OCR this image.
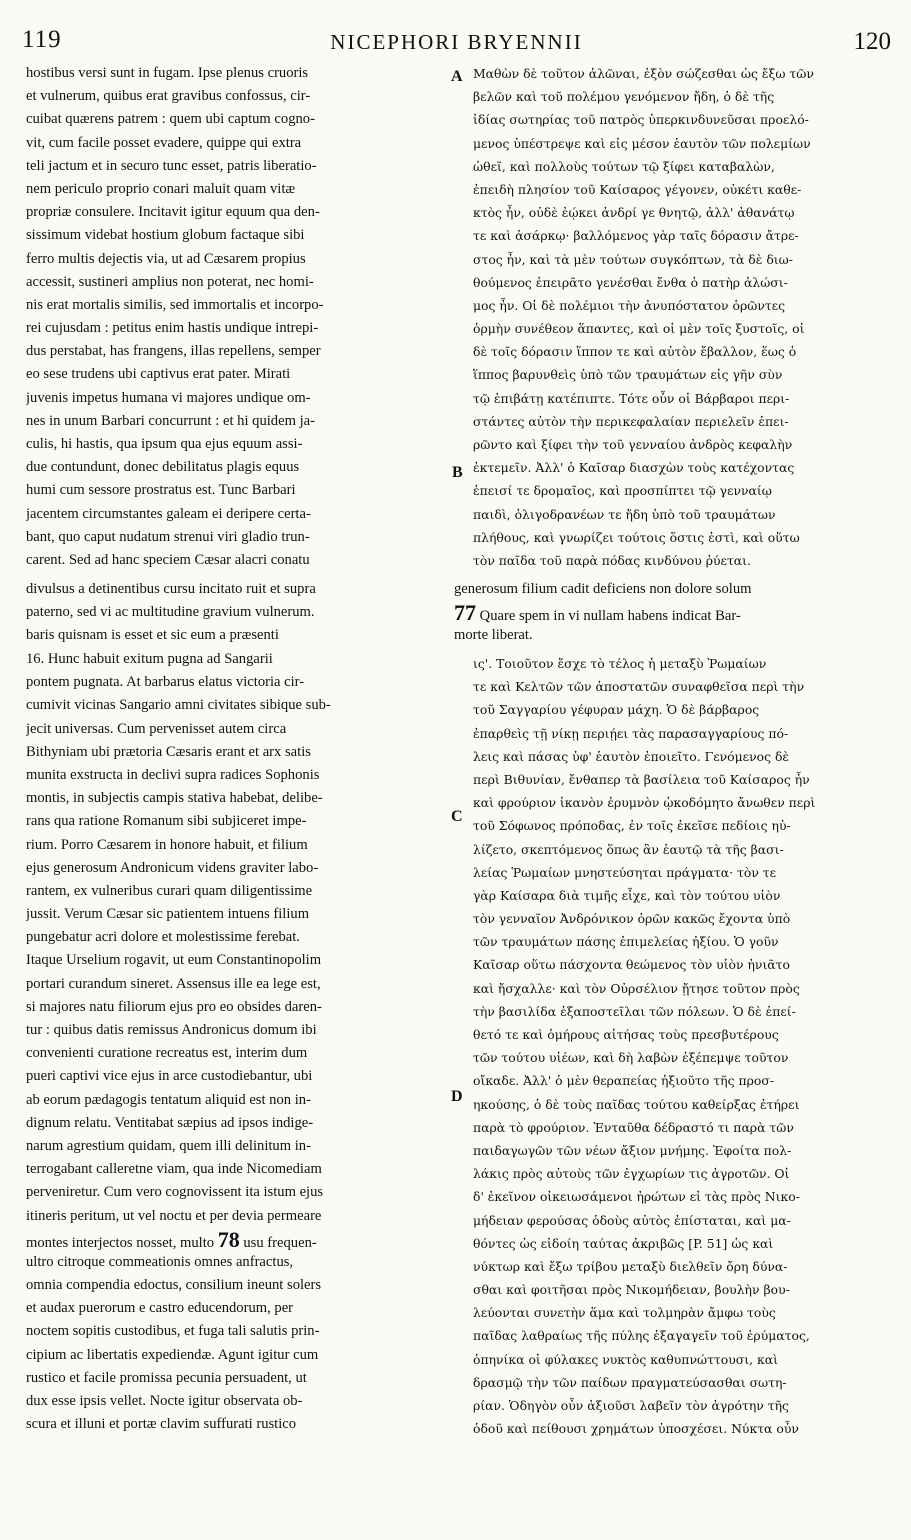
119	NICEPHORI BRYENNII	120
A
B
C
D
hostibus versi sunt in fugam. Ipse plenus cruoris
et vulnerum, quibus erat gravibus confossus, cir-
cuibat quærens patrem : quem ubi captum cogno-
vit, cum facile posset evadere, quippe qui extra
teli jactum et in securo tunc esset, patris liberatio-
nem periculo proprio conari maluit quam vitæ
propriæ consulere. Incitavit igitur equum qua den-
sissimum videbat hostium globum factaque sibi
ferro multis dejectis via, ut ad Cæsarem propius
accessit, sustineri amplius non poterat, nec homi-
nis erat mortalis similis, sed immortalis et incorpo-
rei cujusdam : petitus enim hastis undique intrepi-
dus perstabat, has frangens, illas repellens, semper
eo sese trudens ubi captivus erat pater. Mirati
juvenis impetus humana vi majores undique om-
nes in unum Barbari concurrunt : et hi quidem ja-
culis, hi hastis, qua ipsum qua ejus equum assi-
due contundunt, donec debilitatus plagis equus
humi cum sessore prostratus est. Tunc Barbari
jacentem circumstantes galeam ei deripere certa-
bant, quo caput nudatum strenui viri gladio trun-
carent. Sed ad hanc speciem Cæsar alacri conatu
Μαθὼν δὲ τοῦτον ἁλῶναι, ἐξὸν σώζεσθαι ὡς ἔξω τῶν
βελῶν καὶ τοῦ πολέμου γενόμενον ἤδη, ὁ δὲ τῆς
ἰδίας σωτηρίας τοῦ πατρὸς ὑπερκινδυνεῦσαι προελό-
μενος ὑπέστρεψε καὶ εἰς μέσον ἑαυτὸν τῶν πολεμίων
ὠθεῖ, καὶ πολλοὺς τούτων τῷ ξίφει καταβαλὼν,
ἐπειδὴ πλησίον τοῦ Καίσαρος γέγονεν, οὐκέτι καθε-
κτὸς ἦν, οὐδὲ ἐῴκει ἀνδρί γε θνητῷ, ἀλλ' ἀθανάτῳ
τε καὶ ἀσάρκῳ· βαλλόμενος γὰρ ταῖς δόρασιν ἄτρε-
στος ἦν, καὶ τὰ μὲν τούτων συγκόπτων, τὰ δὲ διω-
θούμενος ἐπειρᾶτο γενέσθαι ἔνθα ὁ πατὴρ ἀλώσι-
μος ἦν. Οἱ δὲ πολέμιοι τὴν ἀνυπόστατον ὁρῶντες
ὁρμὴν συνέθεον ἅπαντες, καὶ οἱ μὲν τοῖς ξυστοῖς, οἱ
δὲ τοῖς δόρασιν ἵππον τε καὶ αὐτὸν ἔβαλλον, ἕως ὁ
ἵππος βαρυνθεὶς ὑπὸ τῶν τραυμάτων εἰς γῆν σὺν
τῷ ἐπιβάτῃ κατέπιπτε. Τότε οὖν οἱ Βάρβαροι περι-
στάντες αὐτὸν τὴν περικεφαλαίαν περιελεῖν ἐπει-
ρῶντο καὶ ξίφει τὴν τοῦ γενναίου ἀνδρὸς κεφαλὴν
ἐκτεμεῖν. Ἀλλ' ὁ Καῖσαρ διασχὼν τοὺς κατέχοντας
ἐπεισί τε δρομαῖος, καὶ προσπίπτει τῷ γενναίῳ
παιδὶ, ὀλιγοδρανέων τε ἤδη ὑπὸ τοῦ τραυμάτων
πλήθους, καὶ γνωρίζει τούτοις ὅστις ἐστὶ, καὶ οὕτω
τὸν παῖδα τοῦ παρὰ πόδας κινδύνου ῥύεται.
divulsus a detinentibus cursu incitato ruit et supra	generosum filium cadit deficiens non dolore solum
paterno, sed vi ac multitudine gravium vulnerum.	77 Quare spem in vi nullam habens indicat Bar-
baris quisnam is esset et sic eum a præsenti	morte liberat.
16. Hunc habuit exitum pugna ad Sangarii
pontem pugnata. At barbarus elatus victoria cir-
cumivit vicinas Sangario amni civitates sibique sub-
jecit universas. Cum pervenisset autem circa
Bithyniam ubi prætoria Cæsaris erant et arx satis
munita exstructa in declivi supra radices Sophonis
montis, in subjectis campis stativa habebat, delibe-
rans qua ratione Romanum sibi subjiceret impe-
rium. Porro Cæsarem in honore habuit, et filium
ejus generosum Andronicum videns graviter labo-
rantem, ex vulneribus curari quam diligentissime
jussit. Verum Cæsar sic patientem intuens filium
pungebatur acri dolore et molestissime ferebat.
Itaque Urselium rogavit, ut eum Constantinopolim
portari curandum sineret. Assensus ille ea lege est,
si majores natu filiorum ejus pro eo obsides daren-
tur : quibus datis remissus Andronicus domum ibi
convenienti curatione recreatus est, interim dum
pueri captivi vice ejus in arce custodiebantur, ubi
ab eorum pædagogis tentatum aliquid est non in-
dignum relatu. Ventitabat sæpius ad ipsos indige-
narum agrestium quidam, quem illi delinitum in-
terrogabant calleretne viam, qua inde Nicomediam
perveniretur. Cum vero cognovissent ita istum ejus
itineris peritum, ut vel noctu et per devia permeare
montes interjectos nosset, multo 78 usu frequen-
ultro citroque commeationis omnes anfractus,
omnia compendia edoctus, consilium ineunt solers
et audax puerorum e castro educendorum, per
noctem sopitis custodibus, et fuga tali salutis prin-
cipium ac libertatis expediendæ. Agunt igitur cum
rustico et facile promissa pecunia persuadent, ut
dux esse ipsis vellet. Nocte igitur observata ob-
scura et illuni et portæ clavim suffurati rustico
ις'. Τοιοῦτον ἔσχε τὸ τέλος ἡ μεταξὺ Ῥωμαίων
τε καὶ Κελτῶν τῶν ἀποστατῶν συναφθεῖσα περὶ τὴν
τοῦ Σαγγαρίου γέφυραν μάχη. Ὁ δὲ βάρβαρος
ἐπαρθεὶς τῇ νίκῃ περιῄει τὰς παρασαγγαρίους πό-
λεις καὶ πάσας ὑφ' ἑαυτὸν ἐποιεῖτο. Γενόμενος δὲ
περὶ Βιθυνίαν, ἔνθαπερ τὰ βασίλεια τοῦ Καίσαρος ἦν
καὶ φρούριον ἱκανὸν ἐρυμνὸν ᾠκοδόμητο ἄνωθεν περὶ
τοῦ Σόφωνος πρόποδας, ἐν τοῖς ἐκεῖσε πεδίοις ηὐ-
λίζετο, σκεπτόμενος ὅπως ἂν ἑαυτῷ τὰ τῆς βασι-
λείας Ῥωμαίων μνηστεύσηται πράγματα· τὸν τε
γὰρ Καίσαρα διὰ τιμῆς εἶχε, καὶ τὸν τούτου υἱὸν
τὸν γενναῖον Ἀνδρόνικον ὁρῶν κακῶς ἔχοντα ὑπὸ
τῶν τραυμάτων πάσης ἐπιμελείας ἠξίου. Ὁ γοῦν
Καῖσαρ οὕτω πάσχοντα θεώμενος τὸν υἱὸν ἠνιᾶτο
καὶ ἤσχαλλε· καὶ τὸν Οὐρσέλιον ᾔτησε τοῦτον πρὸς
τὴν βασιλίδα ἐξαποστεῖλαι τῶν πόλεων. Ὁ δὲ ἐπεί-
θετό τε καὶ ὁμήρους αἰτήσας τοὺς πρεσβυτέρους
τῶν τούτου υἱέων, καὶ δὴ λαβὼν ἐξέπεμψε τοῦτον
οἴκαδε. Ἀλλ' ὁ μὲν θεραπείας ἠξιοῦτο τῆς προσ-
ηκούσης, ὁ δὲ τοὺς παῖδας τούτου καθείρξας ἐτήρει
παρὰ τὸ φρούριον. Ἐνταῦθα δέδραστό τι παρὰ τῶν
παιδαγωγῶν τῶν νέων ἄξιον μνήμης. Ἐφοίτα πολ-
λάκις πρὸς αὐτοὺς τῶν ἐγχωρίων τις ἀγροτῶν. Οἱ
δ' ἐκεῖνον οἰκειωσάμενοι ἠρώτων εἰ τὰς πρὸς Νικο-
μήδειαν φερούσας ὁδοὺς αὐτὸς ἐπίσταται, καὶ μα-
θόντες ὡς εἰδοίη ταύτας ἀκριβῶς [P. 51] ὡς καὶ
νύκτωρ καὶ ἔξω τρίβου μεταξὺ διελθεῖν ὄρη δύνα-
σθαι καὶ φοιτῆσαι πρὸς Νικομήδειαν, βουλὴν βου-
λεύονται συνετὴν ἅμα καὶ τολμηρὰν ἄμφω τοὺς
παῖδας λαθραίως τῆς πύλης ἐξαγαγεῖν τοῦ ἐρύματος,
ὁπηνίκα οἱ φύλακες νυκτὸς καθυπνώττουσι, καὶ
δρασμῷ τὴν τῶν παίδων πραγματεύσασθαι σωτη-
ρίαν. Ὁδηγὸν οὖν ἀξιοῦσι λαβεῖν τὸν ἀγρότην τῆς
ὁδοῦ καὶ πείθουσι χρημάτων ὑποσχέσει. Νύκτα οὖν
